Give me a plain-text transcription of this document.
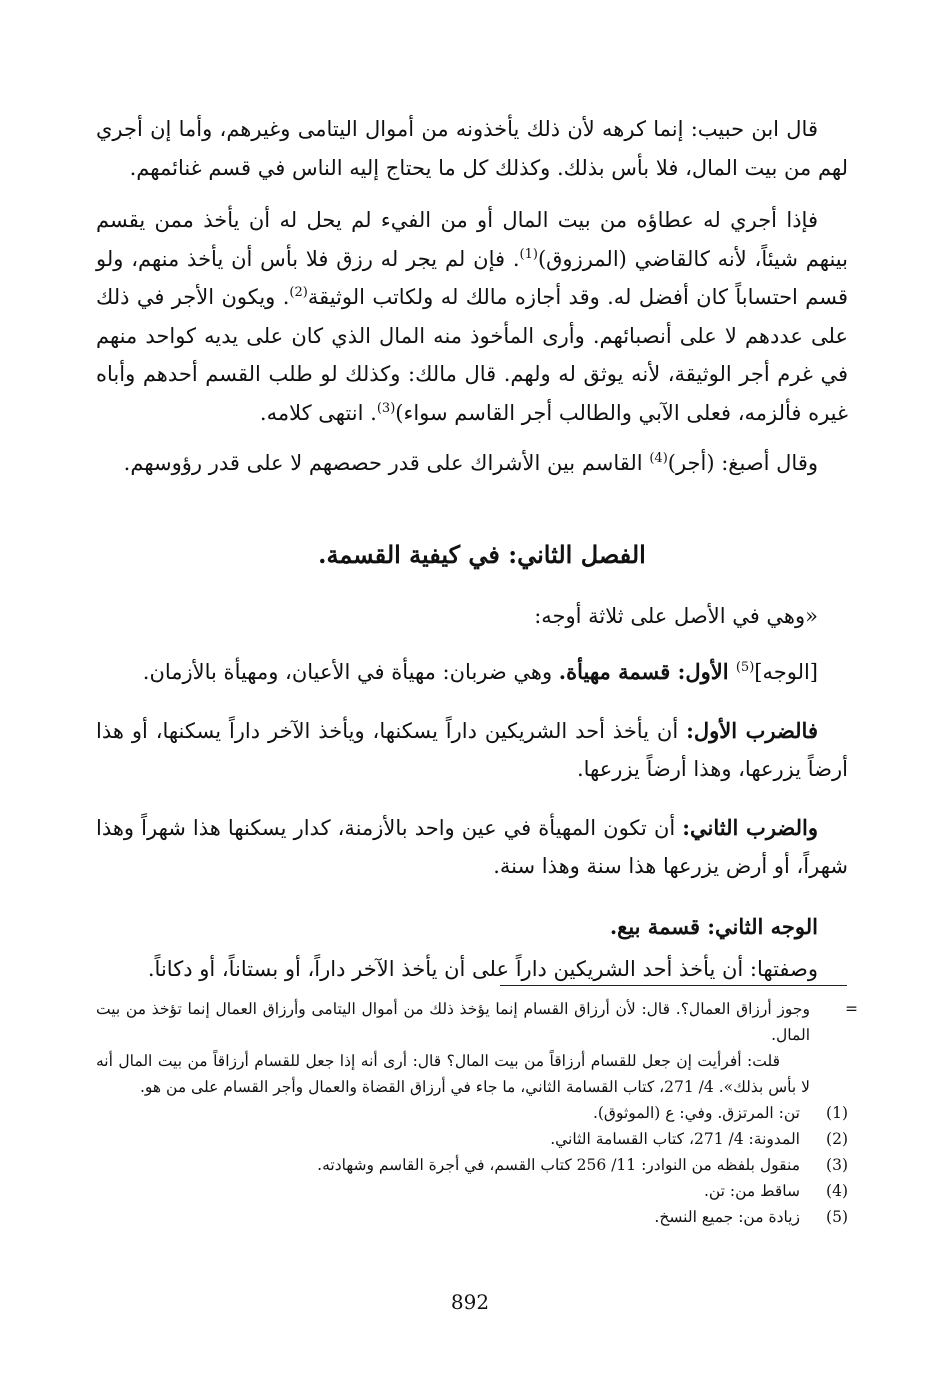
قال ابن حبيب: إنما كرهه لأن ذلك يأخذونه من أموال اليتامى وغيرهم، وأما إن أجري لهم من بيت المال، فلا بأس بذلك. وكذلك كل ما يحتاج إليه الناس في قسم غنائمهم.

فإذا أجري له عطاؤه من بيت المال أو من الفيء لم يحل له أن يأخذ ممن يقسم بينهم شيئاً، لأنه كالقاضي (المرزوق)$^{(1)}$. فإن لم يجر له رزق فلا بأس أن يأخذ منهم، ولو قسم احتساباً كان أفضل له. وقد أجازه مالك له ولكاتب الوثيقة$^{(2)}$. ويكون الأجر في ذلك على عددهم لا على أنصبائهم. وأرى المأخوذ منه المال الذي كان على يديه كواحد منهم في غرم أجر الوثيقة، لأنه يوثق له ولهم. قال مالك: وكذلك لو طلب القسم أحدهم وأباه غيره فألزمه، فعلى الآبي والطالب أجر القاسم سواء)$^{(3)}$. انتهى كلامه.

وقال أصبغ: (أجر)$^{(4)}$ القاسم بين الأشراك على قدر حصصهم لا على قدر رؤوسهم.

الفصل الثاني: في كيفية القسمة.

«وهي في الأصل على ثلاثة أوجه:

[الوجه]$^{(5)}$ الأول: قسمة مهيأة. وهي ضربان: مهيأة في الأعيان، ومهيأة بالأزمان.

فالضرب الأول: أن يأخذ أحد الشريكين داراً يسكنها، ويأخذ الآخر داراً يسكنها، أو هذا أرضاً يزرعها، وهذا أرضاً يزرعها.

والضرب الثاني: أن تكون المهيأة في عين واحد بالأزمنة، كدار يسكنها هذا شهراً وهذا شهراً، أو أرض يزرعها هذا سنة وهذا سنة.

الوجه الثاني: قسمة بيع.

وصفتها: أن يأخذ أحد الشريكين داراً على أن يأخذ الآخر داراً، أو بستاناً، أو دكاناً.

=
وجوز أرزاق العمال؟. قال: لأن أرزاق القسام إنما يؤخذ ذلك من أموال اليتامى وأرزاق العمال إنما تؤخذ من بيت المال.

قلت: أفرأيت إن جعل للقسام أرزاقاً من بيت المال؟ قال: أرى أنه إذا جعل للقسام أرزاقاً من بيت المال أنه لا بأس بذلك». 4/ 271، كتاب القسامة الثاني، ما جاء في أرزاق القضاة والعمال وأجر القسام على من هو.

(1)
تن: المرتزق. وفي: ع (الموثوق).
(2)
المدونة: 4/ 271، كتاب القسامة الثاني.
(3)
منقول بلفظه من النوادر: 11/ 256 كتاب القسم، في أجرة القاسم وشهادته.
(4)
ساقط من: تن.
(5)
زيادة من: جميع النسخ.
892
